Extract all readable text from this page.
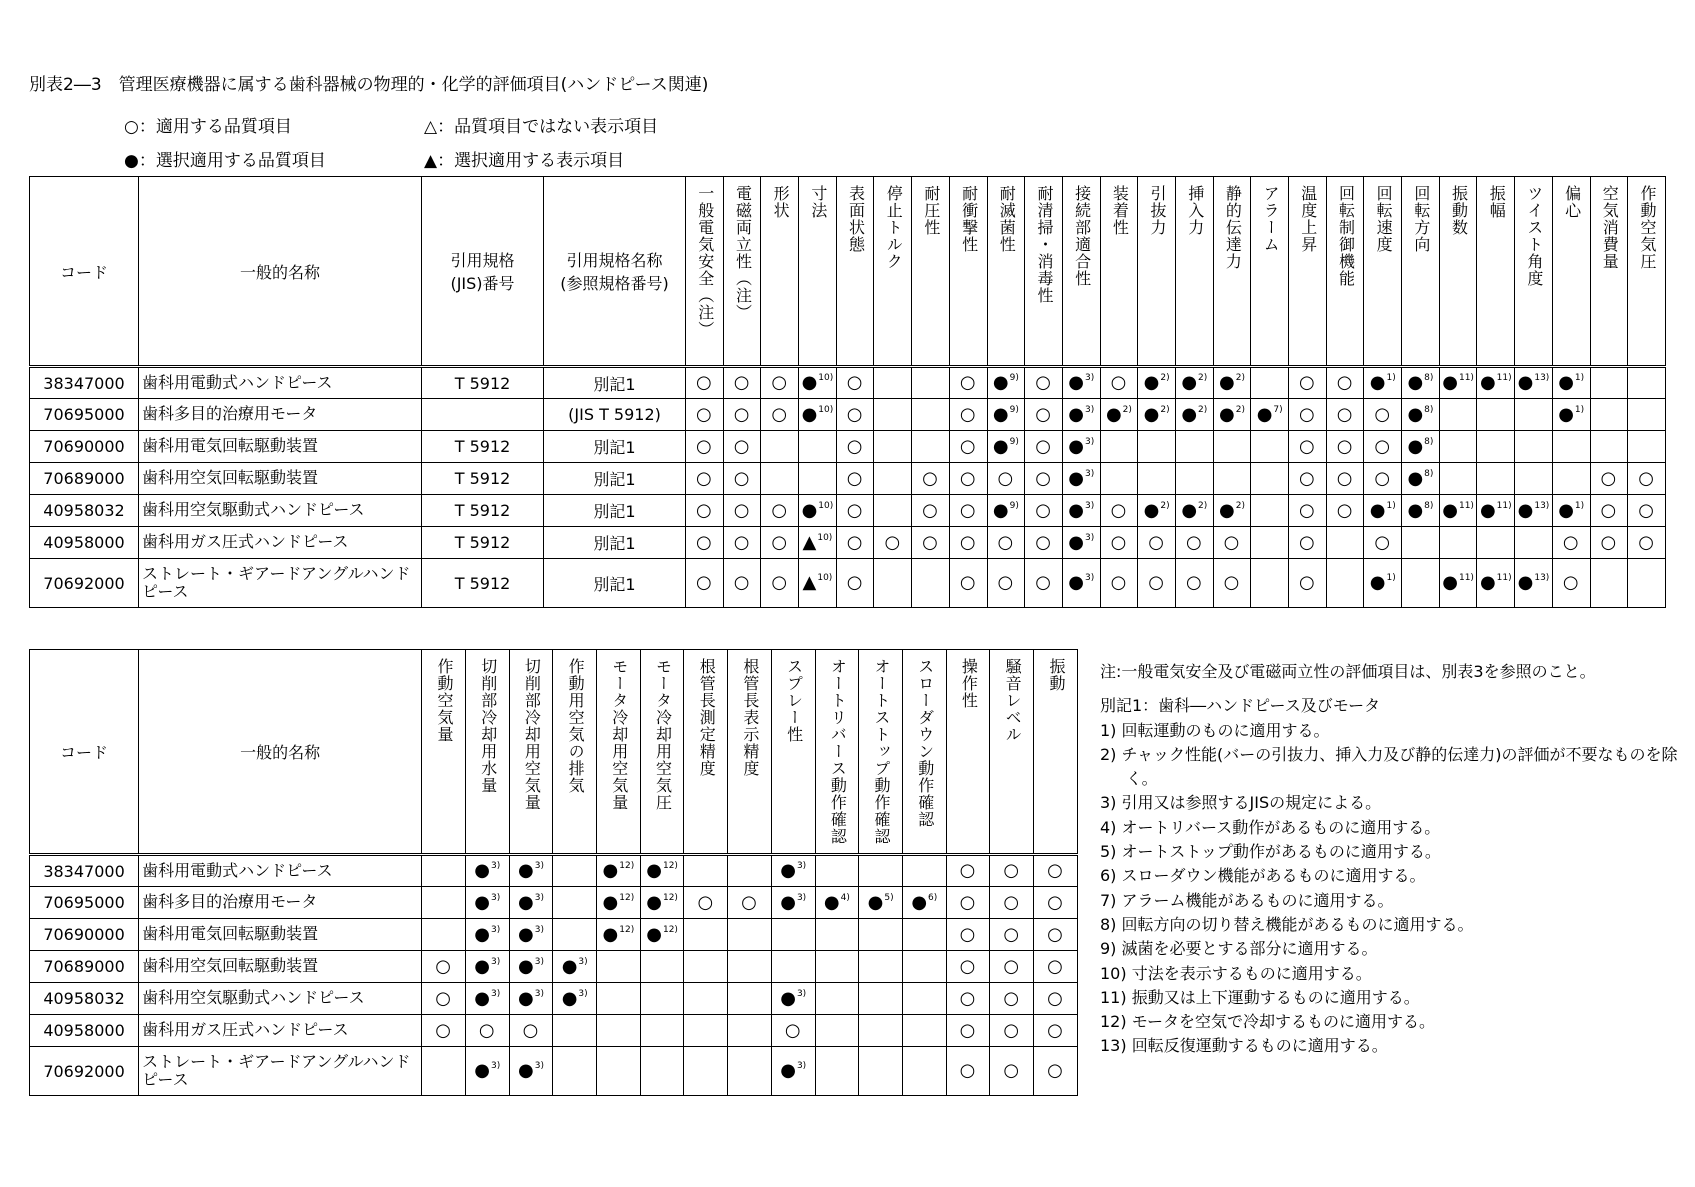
別表2―3　管理医療機器に属する歯科器械の物理的・化学的評価項目(ハンドピース関連)
○：適用する品質項目	△：品質項目ではない表示項目
●：選択適用する品質項目	▲：選択適用する表示項目
コード	一般的名称	引用規格
(JIS)番号	引用規格名称
(参照規格番号)	一般電気安全（注）	電磁両立性（注）	形状	寸法	表面状態	停止トルク	耐圧性	耐衝撃性	耐滅菌性	耐清掃・消毒性	接続部適合性	装着性	引抜力	挿入力	静的伝達力	アラーム	温度上昇	回転制御機能	回転速度	回転方向	振動数	振幅	ツイスト角度	偏心	空気消費量	作動空気圧
38347000	歯科用電動式ハンドピース	T 5912	別記1	○	○	○	●10)	○			○	●9)	○	●3)	○	●2)	●2)	●2)		○	○	●1)	●8)	●11)	●11)	●13)	●1)		
70695000	歯科多目的治療用モータ		(JIS T 5912)	○	○	○	●10)	○			○	●9)	○	●3)	●2)	●2)	●2)	●2)	●7)	○	○	○	●8)				●1)		
70690000	歯科用電気回転駆動装置	T 5912	別記1	○	○			○			○	●9)	○	●3)						○	○	○	●8)						
70689000	歯科用空気回転駆動装置	T 5912	別記1	○	○			○		○	○	○	○	●3)						○	○	○	●8)					○	○
40958032	歯科用空気駆動式ハンドピース	T 5912	別記1	○	○	○	●10)	○		○	○	●9)	○	●3)	○	●2)	●2)	●2)		○	○	●1)	●8)	●11)	●11)	●13)	●1)	○	○
40958000	歯科用ガス圧式ハンドピース	T 5912	別記1	○	○	○	▲10)	○	○	○	○	○	○	●3)	○	○	○	○		○		○					○	○	○
70692000	ストレート・ギアードアングルハンドピース	T 5912	別記1	○	○	○	▲10)	○			○	○	○	●3)	○	○	○	○		○		●1)		●11)	●11)	●13)	○		
コード	一般的名称	作動空気量	切削部冷却用水量	切削部冷却用空気量	作動用空気の排気	モータ冷却用空気量	モータ冷却用空気圧	根管長測定精度	根管長表示精度	スプレー性	オートリバース動作確認	オートストップ動作確認	スローダウン動作確認	操作性	騒音レベル	振動
38347000	歯科用電動式ハンドピース		●3)	●3)		●12)	●12)			●3)				○	○	○
70695000	歯科多目的治療用モータ		●3)	●3)		●12)	●12)	○	○	●3)	●4)	●5)	●6)	○	○	○
70690000	歯科用電気回転駆動装置		●3)	●3)		●12)	●12)							○	○	○
70689000	歯科用空気回転駆動装置	○	●3)	●3)	●3)									○	○	○
40958032	歯科用空気駆動式ハンドピース	○	●3)	●3)	●3)					●3)				○	○	○
40958000	歯科用ガス圧式ハンドピース	○	○	○						○				○	○	○
70692000	ストレート・ギアードアングルハンドピース		●3)	●3)						●3)				○	○	○
注:一般電気安全及び電磁両立性の評価項目は、別表3を参照のこと。
別記1：歯科―ハンドピース及びモータ
1) 回転運動のものに適用する。
2) チャック性能(バーの引抜力、挿入力及び静的伝達力)の評価が不要なものを除く。
3) 引用又は参照するJISの規定による。
4) オートリバース動作があるものに適用する。
5) オートストップ動作があるものに適用する。
6) スローダウン機能があるものに適用する。
7) アラーム機能があるものに適用する。
8) 回転方向の切り替え機能があるものに適用する。
9) 滅菌を必要とする部分に適用する。
10) 寸法を表示するものに適用する。
11) 振動又は上下運動するものに適用する。
12) モータを空気で冷却するものに適用する。
13) 回転反復運動するものに適用する。
